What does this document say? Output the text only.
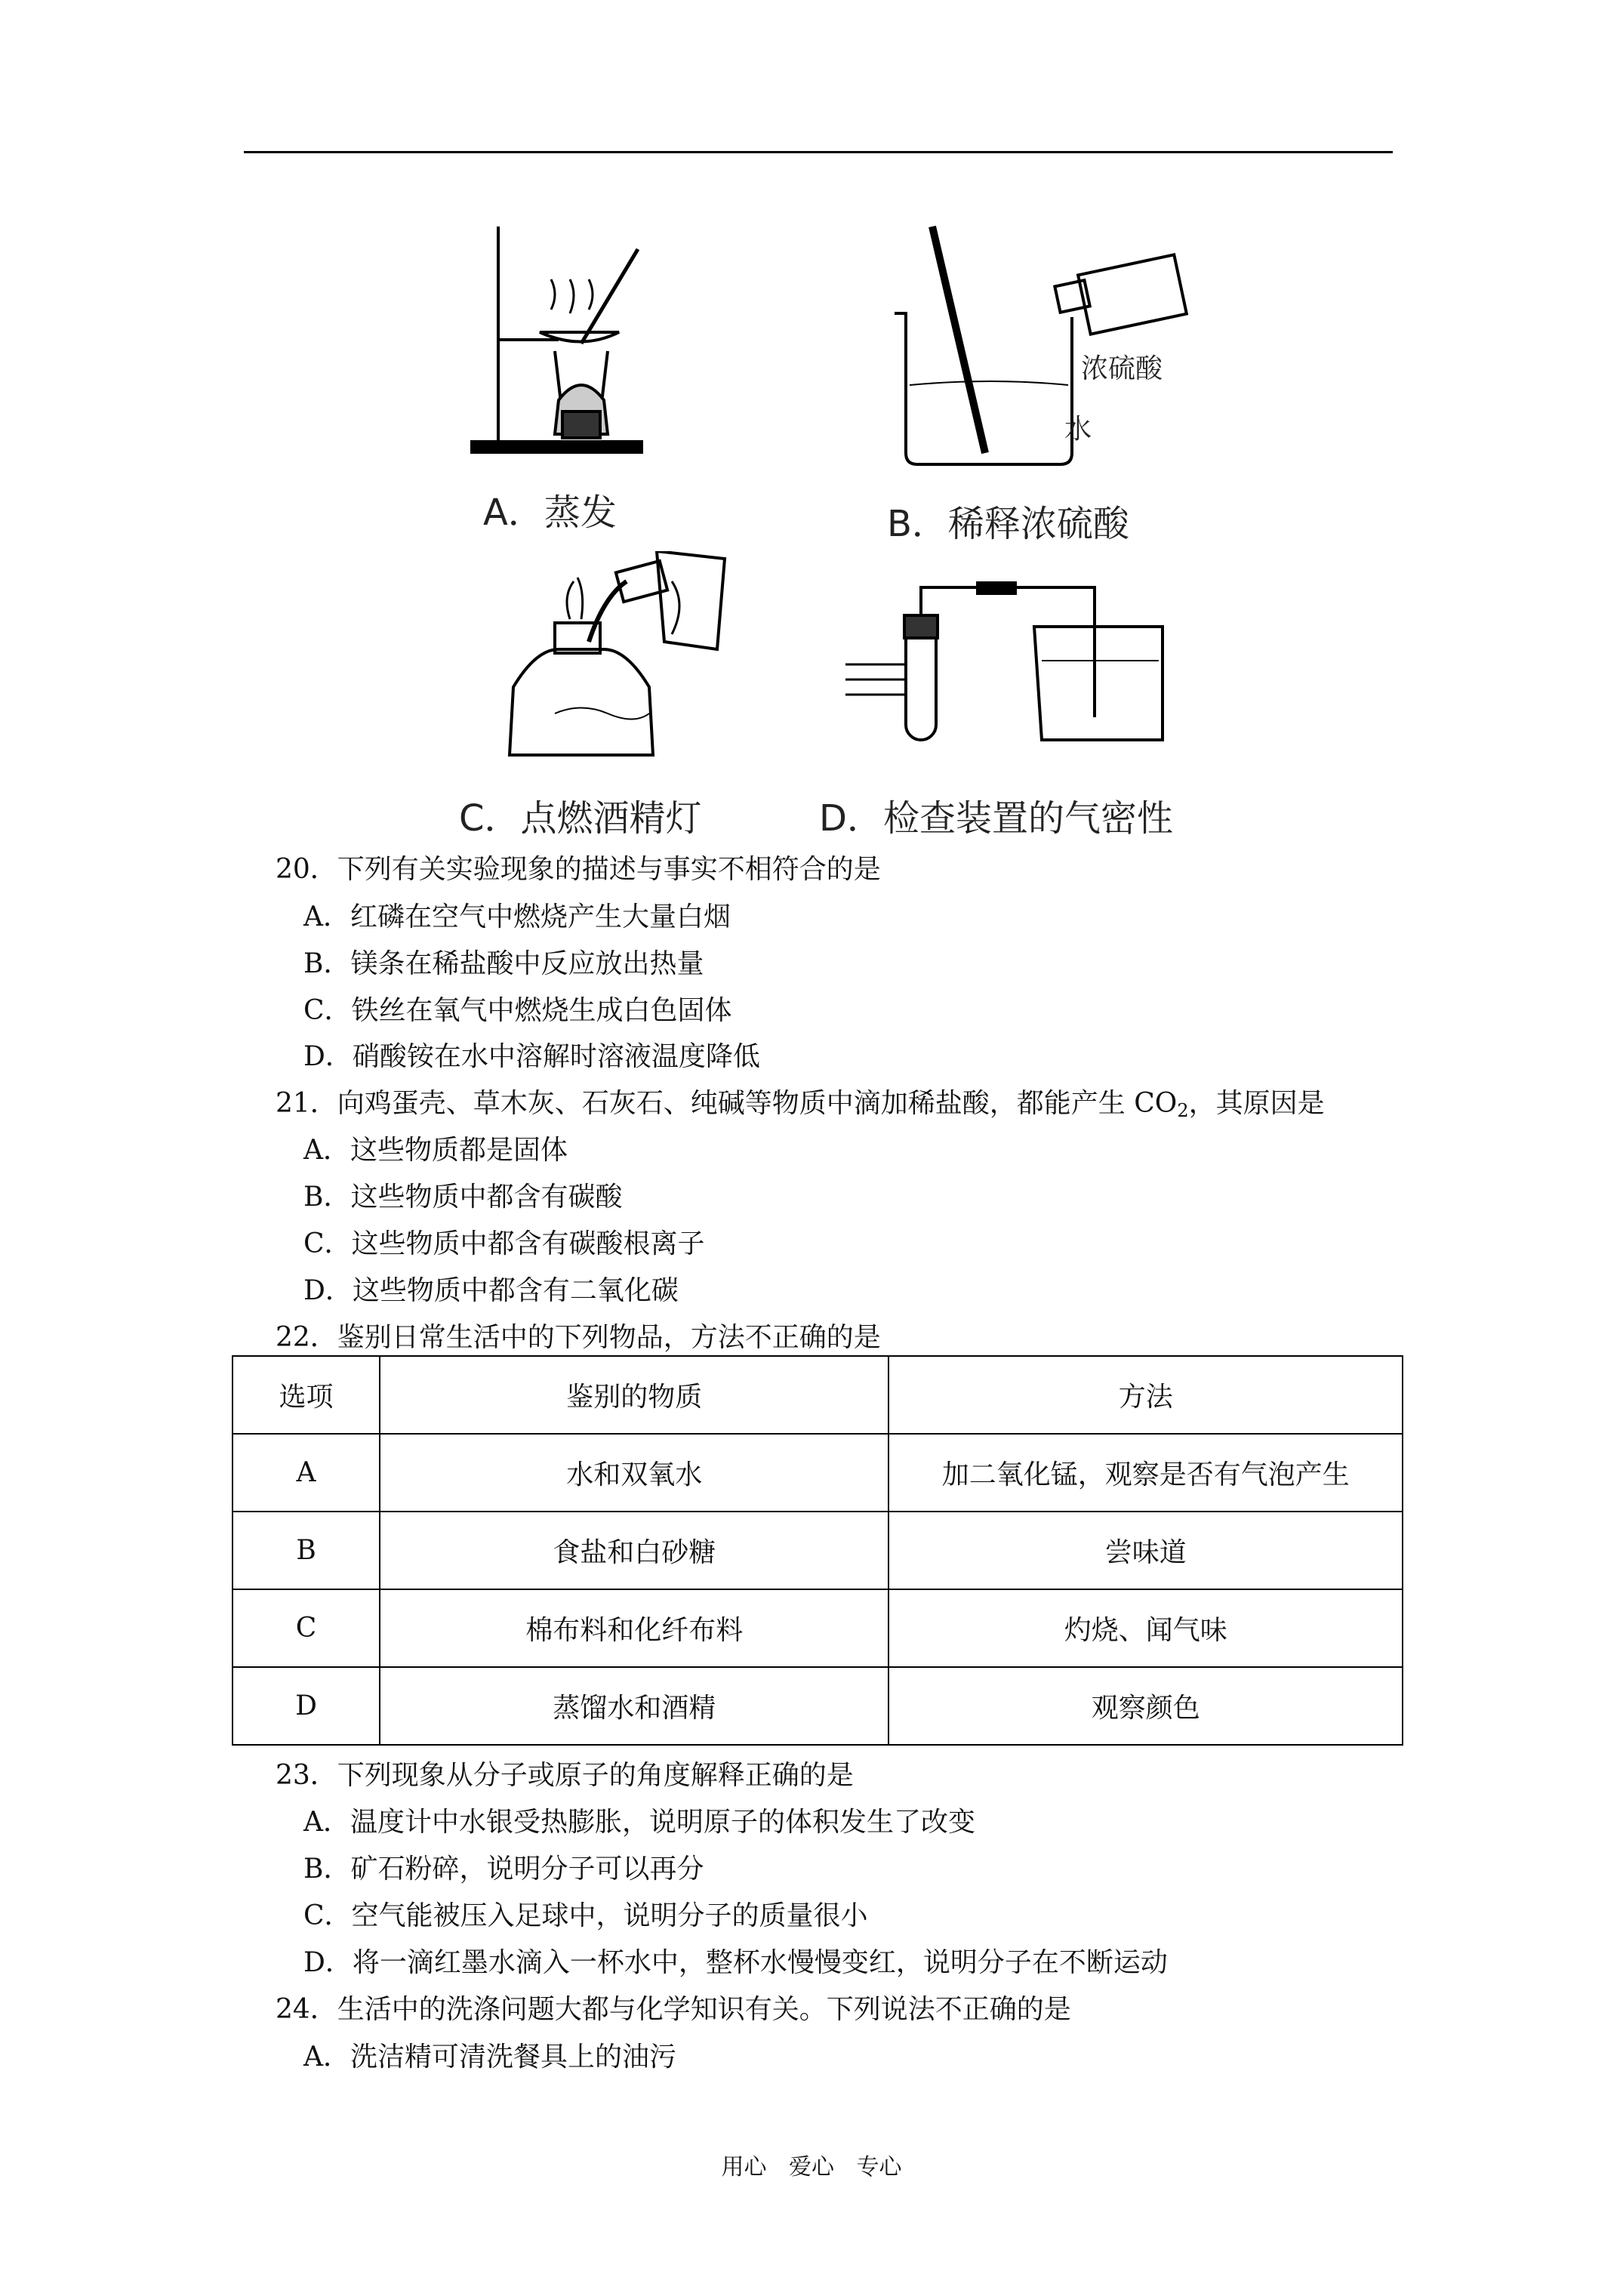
A．蒸发
浓硫酸
水
B．稀释浓硫酸
C．点燃酒精灯	D．检查装置的气密性
20．下列有关实验现象的描述与事实不相符合的是
A．红磷在空气中燃烧产生大量白烟
B．镁条在稀盐酸中反应放出热量
C．铁丝在氧气中燃烧生成白色固体
D．硝酸铵在水中溶解时溶液温度降低
21．向鸡蛋壳、草木灰、石灰石、纯碱等物质中滴加稀盐酸，都能产生 $CO_2$，其原因是
A．这些物质都是固体
B．这些物质中都含有碳酸
C．这些物质中都含有碳酸根离子
D．这些物质中都含有二氧化碳
22．鉴别日常生活中的下列物品，方法不正确的是
选项	鉴别的物质	方法
A	水和双氧水	加二氧化锰，观察是否有气泡产生
B	食盐和白砂糖	尝味道
C	棉布料和化纤布料	灼烧、闻气味
D	蒸馏水和酒精	观察颜色
23．下列现象从分子或原子的角度解释正确的是
A．温度计中水银受热膨胀，说明原子的体积发生了改变
B．矿石粉碎，说明分子可以再分
C．空气能被压入足球中，说明分子的质量很小
D．将一滴红墨水滴入一杯水中，整杯水慢慢变红，说明分子在不断运动
24．生活中的洗涤问题大都与化学知识有关。下列说法不正确的是
A．洗洁精可清洗餐具上的油污
用心 爱心 专心
